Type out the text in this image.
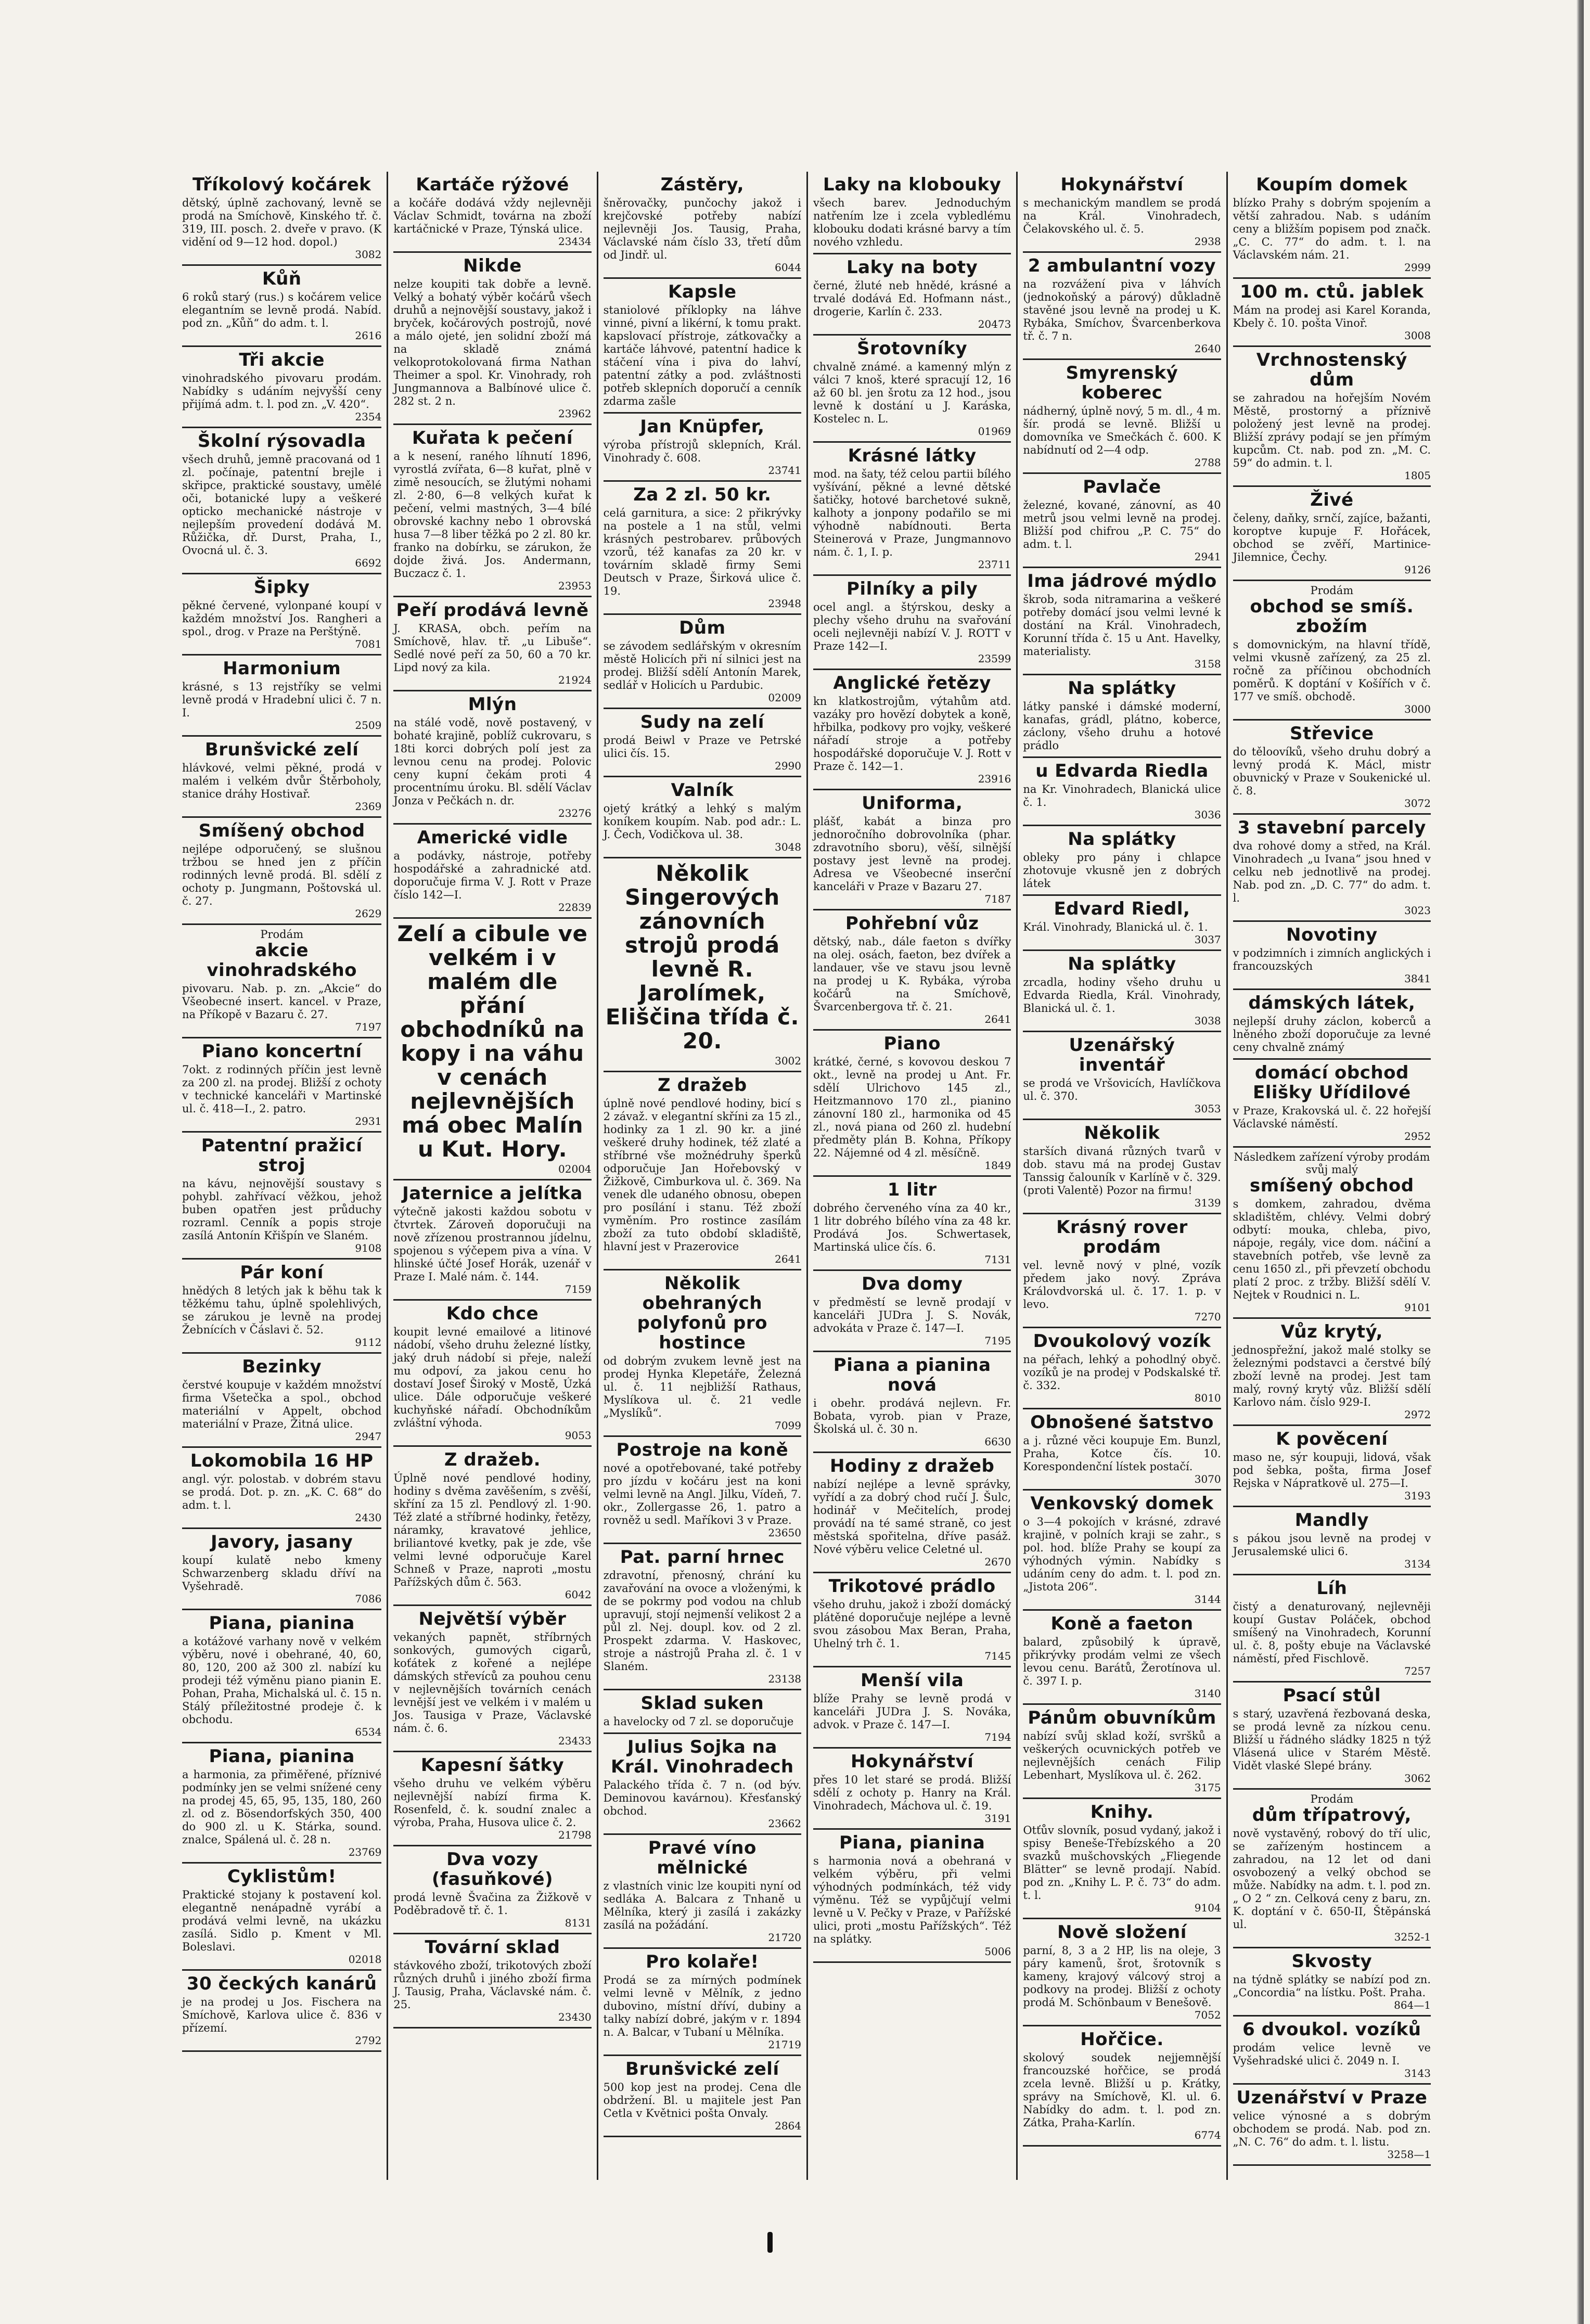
Tříkolový kočárek

dětský, úplně zachovaný, levně se prodá na Smíchově, Kinského tř. č. 319, III. posch. 2. dveře v pravo. (K vidění od 9—12 hod. dopol.)

3082
Kůň

6 roků starý (rus.) s kočárem velice elegantním se levně prodá. Nabíd. pod zn. „Kůň“ do adm. t. l.

2616
Tři akcie

vinohradského pivovaru prodám. Nabídky s udáním nejvyšší ceny přijímá adm. t. l. pod zn. „V. 420“.

2354
Školní rýsovadla

všech druhů, jemně pracovaná od 1 zl. počínaje, patentní brejle i skřipce, praktické soustavy, umělé oči, botanické lupy a veškeré opticko mechanické nástroje v nejlepším provedení dodává M. Růžička, dř. Durst, Praha, I., Ovocná ul. č. 3.

6692
Šipky

pěkné červené, vylonpané koupí v každém množství Jos. Rangheri a spol., drog. v Praze na Perštýně.

7081
Harmonium

krásné, s 13 rejstříky se velmi levně prodá v Hradební ulici č. 7 n. I.

2509
Brunšvické zelí

hlávkové, velmi pěkné, prodá v malém i velkém dvůr Štěrboholy, stanice dráhy Hostivař.

2369
Smíšený obchod

nejlépe odporučený, se slušnou tržbou se hned jen z příčin rodinných levně prodá. Bl. sdělí z ochoty p. Jungmann, Poštovská ul. č. 27.

2629
Prodám
akcie vinohradského

pivovaru. Nab. p. zn. „Akcie“ do Všeobecné insert. kancel. v Praze, na Příkopě v Bazaru č. 27.

7197
Piano koncertní

7okt. z rodinných příčin jest levně za 200 zl. na prodej. Bližší z ochoty v technické kanceláři v Martinské ul. č. 418—I., 2. patro.

2931
Patentní pražicí stroj

na kávu, nejnovější soustavy s pohybl. zahřívací věžkou, jehož buben opatřen jest průduchy rozraml. Cenník a popis stroje zasílá Antonín Křišpín ve Slaném.

9108
Pár koní

hnědých 8 letých jak k běhu tak k těžkému tahu, úplně spolehlivých, se zárukou je levně na prodej Žebnících v Čáslavi č. 52.

9112
Bezinky

čerstvé koupuje v každém množství firma Všetečka a spol., obchod materiální v Appelt, obchod materiální v Praze, Žitná ulice.

2947
Lokomobila 16 HP

angl. výr. polostab. v dobrém stavu se prodá. Dot. p. zn. „K. C. 68“ do adm. t. l.

2430
Javory, jasany

koupí kulatě nebo kmeny Schwarzenberg skladu dříví na Vyšehradě.

7086
Piana, pianina

a kotážové varhany nově v velkém výběru, nové i obehrané, 40, 60, 80, 120, 200 až 300 zl. nabízí ku prodeji též výměnu piano pianin E. Pohan, Praha, Michalská ul. č. 15 n. Stálý příležitostné prodeje č. k obchodu.

6534
Piana, pianina

a harmonia, za přiměřené, příznivé podmínky jen se velmi snížené ceny na prodej 45, 65, 95, 135, 180, 260 zl. od z. Bösendorfských 350, 400 do 900 zl. u K. Stárka, sound. znalce, Spálená ul. č. 28 n.

23769
Cyklistům!

Praktické stojany k postavení kol. elegantně nenápadně vyrábí a prodává velmi levně, na ukázku zasílá. Sidlo p. Kment v Ml. Boleslavi.

02018
30 čeckých kanárů

je na prodej u Jos. Fischera na Smíchově, Karlova ulice č. 836 v přízemí.

2792
Kartáče rýžové

a kočáře dodává vždy nejlevněji Václav Schmidt, továrna na zboží kartáčnické v Praze, Týnská ulice.

23434
Nikde

nelze koupiti tak dobře a levně. Velký a bohatý výběr kočárů všech druhů a nejnovější soustavy, jakož i bryček, kočárových postrojů, nové a málo ojeté, jen solidní zboží má na skladě známá velkoprotokolovaná firma Nathan Theimer a spol. Kr. Vinohrady, roh Jungmannova a Balbínové ulice č. 282 st. 2 n.

23962
Kuřata k pečení

a k nesení, raného líhnutí 1896, vyrostlá zvířata, 6—8 kuřat, plně v zimě nesoucích, se žlutými nohami zl. 2·80, 6—8 velkých kuřat k pečení, velmi mastných, 3—4 bílé obrovské kachny nebo 1 obrovská husa 7—8 liber těžká po 2 zl. 80 kr. franko na dobírku, se zárukon, že dojde živá. Jos. Andermann, Buczacz č. 1.

23953
Peří prodává levně

J. KRASA, obch. peřím na Smíchově, hlav. tř. „u Libuše“. Sedlé nové peří za 50, 60 a 70 kr. Lipd nový za kila.

21924
Mlýn

na stálé vodě, nově postavený, v bohaté krajině, poblíž cukrovaru, s 18ti korci dobrých polí jest za levnou cenu na prodej. Polovic ceny kupní čekám proti 4 procentnímu úroku. Bl. sdělí Václav Jonza v Pečkách n. dr.

23276
Americké vidle

a podávky, nástroje, potřeby hospodářské a zahradnické atd. doporučuje firma V. J. Rott v Praze číslo 142—I.

22839
Zelí a cibule ve velkém i v malém dle přání obchodníků na kopy i na váhu v cenách nejlevnějších má obec Malín u Kut. Hory.
02004
Jaternice a jelítka

výtečně jakosti každou sobotu v čtvrtek. Zároveň doporučuji na nově zřízenou prostrannou jídelnu, spojenou s výčepem piva a vína. V hlinské účté Josef Horák, uzenář v Praze I. Malé nám. č. 144.

7159
Kdo chce

koupit levné emailové a litinové nádobí, všeho druhu železné lístky, jaký druh nádobí si přeje, naleží mu odpoví, za jakou cenu ho dostaví Josef Široký v Mostě, Úzká ulice. Dále odporučuje veškeré kuchyňské nářadí. Obchodníkům zvláštní výhoda.

9053
Z dražeb.

Úplně nové pendlové hodiny, hodiny s dvěma zavěšením, s zvěší, skříní za 15 zl. Pendlový zl. 1·90. Též zlaté a stříbrné hodinky, řetězy, náramky, kravatové jehlice, briliantové kvetky, pak je zde, vše velmi levné odporučuje Karel Schneß v Praze, naproti „mostu Pařížských dům č. 563.

6042
Největší výběr

vekaných papnět, stříbrných sonkových, gumových cigarů, koťátek z kořené a nejlépe dámských střevíců za pouhou cenu v nejlevnějších továrních cenách levnější jest ve velkém i v malém u Jos. Tausiga v Praze, Václavské nám. č. 6.

23433
Kapesní šátky

všeho druhu ve velkém výběru nejlevnější nabízí firma K. Rosenfeld, č. k. soudní znalec a výroba, Praha, Husova ulice č. 2.

21798
Dva vozy (fasuňkové)

prodá levně Švačina za Žižkově v Poděbradově tř. č. 1.

8131
Tovární sklad

stávkového zboží, trikotových zboží různých druhů i jiného zboží firma J. Tausig, Praha, Václavské nám. č. 25.

23430
Zástěry,

šněrovačky, punčochy jakož i krejčovské potřeby nabízí nejlevněji Jos. Tausig, Praha, Václavské nám číslo 33, třetí dům od Jindř. ul.

6044
Kapsle

staniolové příklopky na láhve vinné, pivní a likérní, k tomu prakt. kapslovací přístroje, zátkovačky a kartáče láhvové, patentní hadice k stáčení vína i piva do lahví, patentní zátky a pod. zvláštnosti potřeb sklepních doporučí a cenník zdarma zašle

Jan Knüpfer,

výroba přístrojů sklepních, Král. Vinohrady č. 608.

23741
Za 2 zl. 50 kr.

celá garnitura, a sice: 2 přikrývky na postele a 1 na stůl, velmi krásných pestrobarev. průbových vzorů, též kanafas za 20 kr. v továrním skladě firmy Semi Deutsch v Praze, Širková ulice č. 19.

23948
Dům

se závodem sedlářským v okresním městě Holicích při ní silnici jest na prodej. Bližší sdělí Antonín Marek, sedlář v Holicích u Pardubic.

02009
Sudy na zelí

prodá Beiwl v Praze ve Petrské ulici čís. 15.

2990
Valník

ojetý krátký a lehký s malým koníkem koupím. Nab. pod adr.: L. J. Čech, Vodičkova ul. 38.

3048
Několik Singerových zánovních strojů prodá levně R. Jarolímek, Eliščina třída č. 20.
3002
Z dražeb

úplně nové pendlové hodiny, bicí s 2 závaž. v elegantní skříni za 15 zl., hodinky za 1 zl. 90 kr. a jiné veškeré druhy hodinek, též zlaté a stříbrné vše možnédruhy šperků odporučuje Jan Hořebovský v Žižkově, Cimburkova ul. č. 369. Na venek dle udaného obnosu, obepen pro posílání i stanu. Též zboží vyměním. Pro rostince zasílám zboží za tuto období skladiště, hlavní jest v Prazerovice

2641
Několik obehraných polyfonů pro hostince

od dobrým zvukem levně jest na prodej Hynka Klepetáře, Železná ul. č. 11 nejbližší Rathaus, Myslíkova ul. č. 21 vedle „Myslíků“.

7099
Postroje na koně

nové a opotřebované, také potřeby pro jízdu v kočáru jest na koni velmi levně na Angl. Jilku, Vídeň, 7. okr., Zollergasse 26, 1. patro a rovněž u sedl. Maříkovi 3 v Praze.

23650
Pat. parní hrnec

zdravotní, přenosný, chrání ku zavařování na ovoce a vloženými, k de se pokrmy pod vodou na chlub upravují, stojí nejmenší velikost 2 a půl zl. Nej. doupl. kov. od 2 zl. Prospekt zdarma. V. Haskovec, stroje a nástrojů Praha zl. č. 1 v Slaném.

23138
Sklad suken

a havelocky od 7 zl. se doporučuje

Julius Sojka na Král. Vinohradech

Palackého třída č. 7 n. (od býv. Deminovou kavárnou). Křesťanský obchod.

23662
Pravé víno mělnické

z vlastních vinic lze koupiti nyní od sedláka A. Balcara z Tnhaně u Mělníka, který ji zasílá i zakázky zasílá na požádání.

21720
Pro kolaře!

Prodá se za mírných podmínek velmi levně v Mělník, z jedno dubovino, místní dříví, dubiny a talky nabízí dobré, jakým v r. 1894 n. A. Balcar, v Tubaní u Mělníka.

21719
Brunšvické zelí

500 kop jest na prodej. Cena dle obdržení. Bl. u majitele jest Pan Cetla v Květnici pošta Onvaly.

2864
Laky na klobouky

všech barev. Jednoduchým natřením lze i zcela vybledlému klobouku dodati krásné barvy a tím nového vzhledu.

Laky na boty

černé, žluté neb hnědé, krásné a trvalé dodává Ed. Hofmann nást., drogerie, Karlín č. 233.

20473
Šrotovníky

chvalně známé. a kamenný mlýn z válci 7 knoš, které spracují 12, 16 až 60 bl. jen šrotu za 12 hod., jsou levně k dostání u J. Karáska, Kostelec n. L.

01969
Krásné látky

mod. na šaty, též celou partii bílého vyšívání, pěkné a levné dětské šatičky, hotové barchetové sukně, kalhoty a jonpony podařilo se mi výhodně nabídnouti. Berta Steinerová v Praze, Jungmannovo nám. č. 1, I. p.

23711
Pilníky a pily

ocel angl. a štýrskou, desky a plechy všeho druhu na svařování oceli nejlevněji nabízí V. J. ROTT v Praze 142—I.

23599
Anglické řetězy

kn klatkostrojům, výtahům atd. vazáky pro hovězí dobytek a koně, hřbilka, podkovy pro vojky, veškeré nářadí stroje a potřeby hospodářské doporučuje V. J. Rott v Praze č. 142—1.

23916
Uniforma,

plášť, kabát a binza pro jednoročního dobrovolníka (phar. zdravotního sboru), věší, silnější postavy jest levně na prodej. Adresa ve Všeobecné inserční kanceláři v Praze v Bazaru 27.

7187
Pohřební vůz

dětský, nab., dále faeton s dvířky na olej. osách, faeton, bez dvířek a landauer, vše ve stavu jsou levně na prodej u K. Rybáka, výroba kočárů na Smíchově, Švarcenbergova tř. č. 21.

2641
Piano

krátké, černé, s kovovou deskou 7 okt., levně na prodej u Ant. Fr. sdělí Ulrichovo 145 zl., Heitzmannovo 170 zl., pianino zánovní 180 zl., harmonika od 45 zl., nová piana od 260 zl. hudební předměty plán B. Kohna, Příkopy 22. Nájemné od 4 zl. měsíčně.

1849
1 litr

dobrého červeného vína za 40 kr., 1 litr dobrého bílého vína za 48 kr. Prodává Jos. Schwertasek, Martinská ulice čís. 6.

7131
Dva domy

v předměstí se levně prodají v kanceláři JUDra J. S. Novák, advokáta v Praze č. 147—I.

7195
Piana a pianina nová

i obehr. prodává nejlevn. Fr. Bobata, vyrob. pian v Praze, Školská ul. č. 30 n.

6630
Hodiny z dražeb

nabízí nejlépe a levně správky, vyřídí a za dobrý chod ručí J. Šulc, hodinář v Mečitelích, prodej provádí na té samé straně, co jest městská spořitelna, dříve pasáž. Nové výběru velice Celetné ul.

2670
Trikotové prádlo

všeho druhu, jakož i zboží domácký plátěné doporučuje nejlépe a levně svou zásobou Max Beran, Praha, Uhelný trh č. 1.

7145
Menší vila

blíže Prahy se levně prodá v kanceláři JUDra J. S. Nováka, advok. v Praze č. 147—I.

7194
Hokynářství

přes 10 let staré se prodá. Bližší sdělí z ochoty p. Hanry na Král. Vinohradech, Máchova ul. č. 19.

3191
Piana, pianina

s harmonia nová a obehraná v velkém výběru, při velmi výhodných podmínkách, též vidy výměnu. Též se vypůjčují velmi levně u V. Pečky v Praze, v Pařížské ulici, proti „mostu Pařížských“. Též na splátky.

5006
Hokynářství

s mechanickým mandlem se prodá na Král. Vinohradech, Čelakovského ul. č. 5.

2938
2 ambulantní vozy

na rozvážení piva v láhvích (jednokoňský a párový) důkladně stavěné jsou levně na prodej u K. Rybáka, Smíchov, Švarcenberkova tř. č. 7 n.

2640
Smyrenský koberec

nádherný, úplně nový, 5 m. dl., 4 m. šír. prodá se levně. Bližší u domovníka ve Smečkách č. 600. K nabídnutí od 2—4 odp.

2788
Pavlače

železné, kované, zánovní, as 40 metrů jsou velmi levně na prodej. Bližší pod chifrou „P. C. 75“ do adm. t. l.

2941
Ima jádrové mýdlo

škrob, soda nitramarina a veškeré potřeby domácí jsou velmi levné k dostání na Král. Vinohradech, Korunní třída č. 15 u Ant. Havelky, materialisty.

3158
Na splátky

látky panské i dámské moderní, kanafas, grádl, plátno, koberce, záclony, všeho druhu a hotové prádlo

u Edvarda Riedla

na Kr. Vinohradech, Blanická ulice č. 1.

3036
Na splátky

obleky pro pány i chlapce zhotovuje vkusně jen z dobrých látek

Edvard Riedl,

Král. Vinohrady, Blanická ul. č. 1.

3037
Na splátky

zrcadla, hodiny všeho druhu u Edvarda Riedla, Král. Vinohrady, Blanická ul. č. 1.

3038
Uzenářský inventář

se prodá ve Vršovicích, Havlíčkova ul. č. 370.

3053
Několik

starších divaná různých tvarů v dob. stavu má na prodej Gustav Tanssig čalouník v Karlíně v č. 329. (proti Valentě) Pozor na firmu!

3139
Krásný rover prodám

vel. levně nový v plné, vozík předem jako nový. Zpráva Královdvorská ul. č. 17. 1. p. v levo.

7270
Dvoukolový vozík

na péřach, lehký a pohodlný obyč. vozíků je na prodej v Podskalské tř. č. 332.

8010
Obnošené šatstvo

a j. různé věci koupuje Em. Bunzl, Praha, Kotce čís. 10. Korespondenční lístek postačí.

3070
Venkovský domek

o 3—4 pokojích v krásné, zdravé krajině, v polních kraji se zahr., s pol. hod. blíže Prahy se koupí za výhodných výmin. Nabídky s udáním ceny do adm. t. l. pod zn. „Jistota 206“.

3144
Koně a faeton

balard, způsobilý k úpravě, přikrývky prodám velmi ze všech levou cenu. Barátů, Žerotínova ul. č. 397 I. p.

3140
Pánům obuvníkům

nabízí svůj sklad koží, svršků a veškerých ocuvnických potřeb ve nejlevnějších cenách Filip Lebenhart, Myslíkova ul. č. 262.

3175
Knihy.

Otťův slovník, posud vydaný, jakož i spisy Beneše-Třebízského a 20 svazků mušchovských „Fliegende Blätter“ se levně prodají. Nabíd. pod zn. „Knihy L. P. č. 73“ do adm. t. l.

9104
Nově složení

parní, 8, 3 a 2 HP, lis na oleje, 3 páry kamenů, šrot, šrotovník s kameny, krajový válcový stroj a podkovy na prodej. Bližší z ochoty prodá M. Schönbaum v Benešově.

7052
Hořčice.

skolový soudek nejjemnější francouzské hořčice, se prodá zcela levně. Bližší u p. Krátky, správy na Smíchově, Kl. ul. 6. Nabídky do adm. t. l. pod zn. Zátka, Praha-Karlín.

6774
Koupím domek

blízko Prahy s dobrým spojením a větší zahradou. Nab. s udáním ceny a bližším popisem pod značk. „C. C. 77“ do adm. t. l. na Václavském nám. 21.

2999
100 m. ctů. jablek

Mám na prodej asi Karel Koranda, Kbely č. 10. pošta Vinoř.

3008
Vrchnostenský dům

se zahradou na hořejším Novém Městě, prostorný a příznivě položený jest levně na prodej. Bližší zprávy podají se jen přímým kupcům. Ct. nab. pod zn. „M. C. 59“ do admin. t. l.

1805
Živé

čeleny, daňky, srnčí, zajíce, bažanti, koroptve kupuje F. Hořácek, obchod se zvěří, Martinice-Jilemnice, Čechy.

9126
Prodám
obchod se smíš. zbožím

s domovnickým, na hlavní třídě, velmi vkusně zařízený, za 25 zl. ročně za příčinou obchodních poměrů. K doptání v Košířích v č. 177 ve smíš. obchodě.

3000
Střevice

do těloovíků, všeho druhu dobrý a levný prodá K. Mácl, mistr obuvnický v Praze v Soukenické ul. č. 8.

3072
3 stavební parcely

dva rohové domy a střed, na Král. Vinohradech „u Ivana“ jsou hned v celku neb jednotlivě na prodej. Nab. pod zn. „D. C. 77“ do adm. t. l.

3023
Novotiny

v podzimních i zimních anglických i francouzských

3841
dámských látek,

nejlepší druhy záclon, koberců a lněného zboží doporučuje za levné ceny chvalně známý

domácí obchod Elišky Uřídilové

v Praze, Krakovská ul. č. 22 hořejší Václavské náměstí.

2952
Následkem zařízení výroby prodám svůj malý
smíšený obchod

s domkem, zahradou, dvěma skladištěm, chlévy. Velmi dobrý odbytí: mouka, chleba, pivo, nápoje, regály, vice dom. náčiní a stavebních potřeb, vše levně za cenu 1650 zl., při převzetí obchodu platí 2 proc. z tržby. Bližší sdělí V. Nejtek v Roudnici n. L.

9101
Vůz krytý,

jednospřežní, jakož malé stolky se železnými podstavci a čerstvé bílý zboží levně na prodej. Jest tam malý, rovný krytý vůz. Bližší sdělí Karlovo nám. číslo 929-I.

2972
K pověcení

maso ne, sýr koupuji, lidová, však pod šebka, pošta, firma Josef Rejska v Nápratkově ul. 275—I.

3193
Mandly

s pákou jsou levně na prodej v Jerusalemské ulici 6.

3134
Líh

čistý a denaturovaný, nejlevněji koupí Gustav Poláček, obchod smíšený na Vinohradech, Korunní ul. č. 8, pošty ebuje na Václavské náměstí, před Fischlově.

7257
Psací stůl

s starý, uzavřená řezbovaná deska, se prodá levně za nízkou cenu. Bližší u řádného sládky 1825 n týž Vlásená ulice v Starém Městě. Vidět vlaské Slepé brány.

3062
Prodám
dům třípatrový,

nově vystavěný, robový do tří ulic, se zařízeným hostincem a zahradou, na 12 let od dani osvobozený a velký obchod se může. Nabídky na adm. t. l. pod zn. „ O 2 “ zn. Celková ceny z baru, zn. K. doptání v č. 650-II, Štěpánská ul.

3252-1
Skvosty

na týdně splátky se nabízí pod zn. „Concordia“ na lístku. Pošt. Praha.

864—1
6 dvoukol. vozíků

prodám velice levně ve Vyšehradské ulici č. 2049 n. I.

3143
Uzenářství v Praze

velice výnosné a s dobrým obchodem se prodá. Nab. pod zn. „N. C. 76“ do adm. t. l. listu.

3258—1
